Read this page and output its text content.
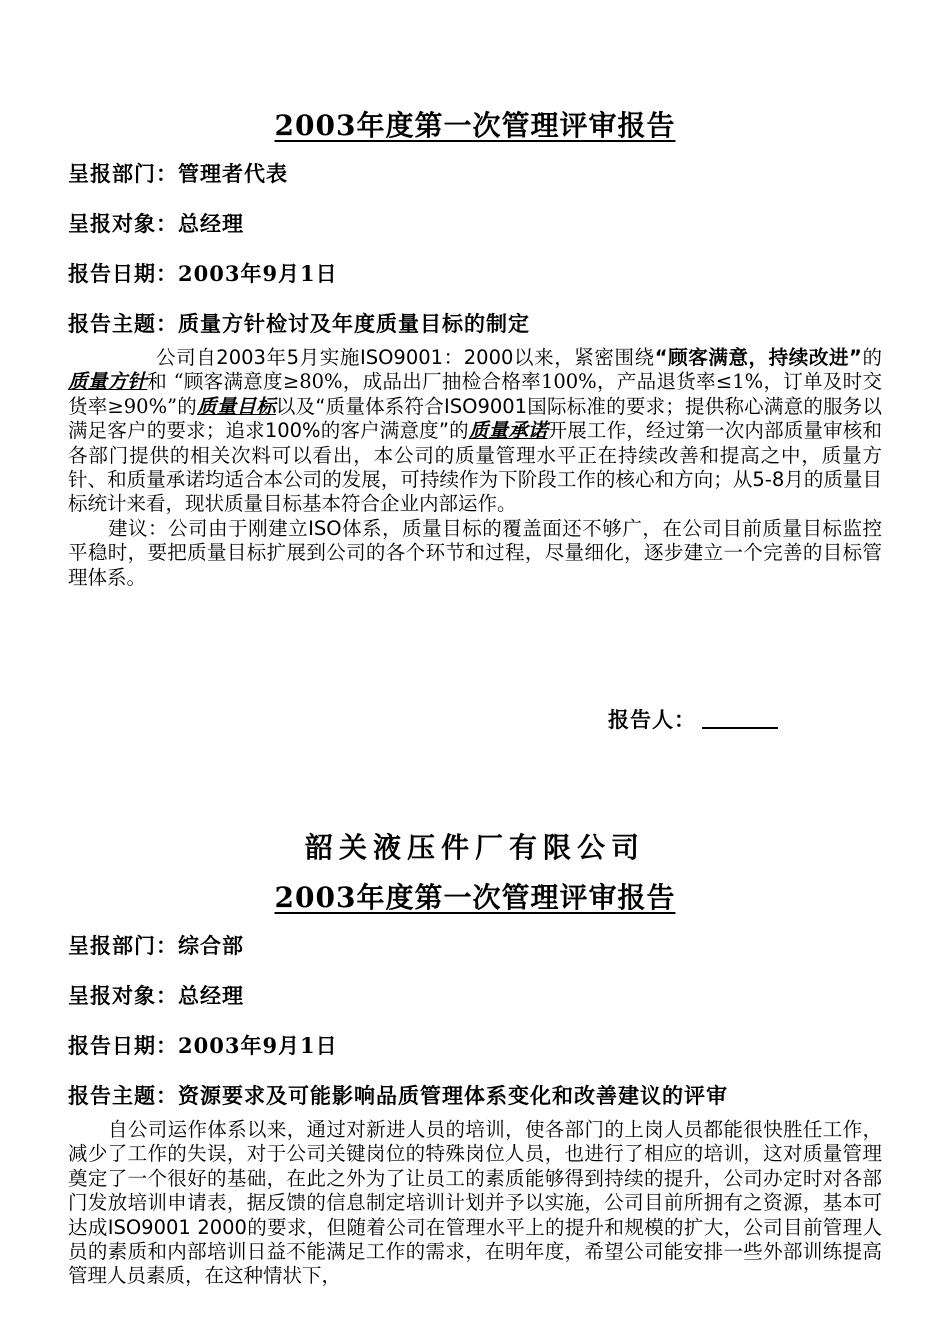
2003年度第一次管理评审报告
呈报部门：管理者代表
呈报对象：总经理
报告日期：2003年9月1日
报告主题：质量方针检讨及年度质量目标的制定

公司自2003年5月实施ISO9001：2000以来，紧密围绕“顾客满意，持续改进”的质量方针和 “顾客满意度≥80%，成品出厂抽检合格率100%，产品退货率≤1%，订单及时交货率≥90%”的质量目标以及“质量体系符合ISO9001国际标准的要求；提供称心满意的服务以满足客户的要求；追求100%的客户满意度”的质量承诺开展工作，经过第一次内部质量审核和各部门提供的相关次料可以看出，本公司的质量管理水平正在持续改善和提高之中，质量方针、和质量承诺均适合本公司的发展，可持续作为下阶段工作的核心和方向；从5-8月的质量目标统计来看，现状质量目标基本符合企业内部运作。

建议：公司由于刚建立ISO体系，质量目标的覆盖面还不够广，在公司目前质量目标监控平稳时，要把质量目标扩展到公司的各个环节和过程，尽量细化，逐步建立一个完善的目标管理体系。

报告人：
韶关液压件厂有限公司
2003年度第一次管理评审报告
呈报部门：综合部
呈报对象：总经理
报告日期：2003年9月1日
报告主题：资源要求及可能影响品质管理体系变化和改善建议的评审

自公司运作体系以来，通过对新进人员的培训，使各部门的上岗人员都能很快胜任工作，减少了工作的失误，对于公司关键岗位的特殊岗位人员，也进行了相应的培训，这对质量管理奠定了一个很好的基础，在此之外为了让员工的素质能够得到持续的提升，公司办定时对各部门发放培训申请表，据反馈的信息制定培训计划并予以实施，公司目前所拥有之资源，基本可达成ISO9001 2000的要求，但随着公司在管理水平上的提升和规模的扩大，公司目前管理人员的素质和内部培训日益不能满足工作的需求，在明年度，希望公司能安排一些外部训练提高管理人员素质，在这种情状下，
